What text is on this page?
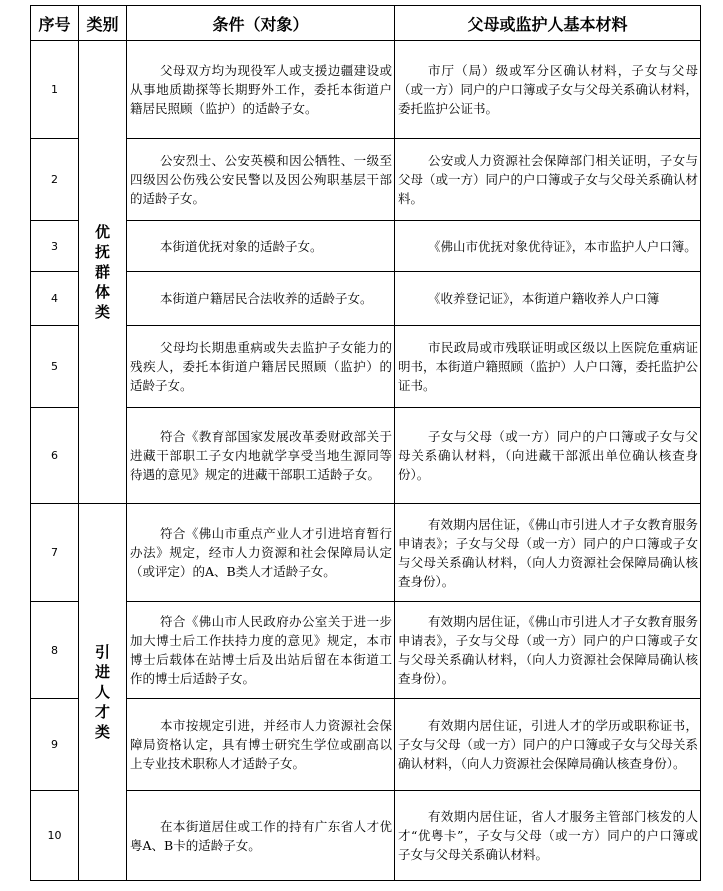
序号	类别	条件（对象）	父母或监护人基本材料
1	优抚群体类	父母双方均为现役军人或支援边疆建设或从事地质勘探等长期野外工作，委托本街道户籍居民照顾（监护）的适龄子女。	市厅（局）级或军分区确认材料，子女与父母（或一方）同户的户口簿或子女与父母关系确认材料，委托监护公证书。
2		公安烈士、公安英模和因公牺牲、一级至四级因公伤残公安民警以及因公殉职基层干部的适龄子女。	公安或人力资源社会保障部门相关证明，子女与父母（或一方）同户的户口簿或子女与父母关系确认材料。
3		本街道优抚对象的适龄子女。	《佛山市优抚对象优待证》，本市监护人户口簿。
4		本街道户籍居民合法收养的适龄子女。	《收养登记证》，本街道户籍收养人户口簿
5		父母均长期患重病或失去监护子女能力的残疾人，委托本街道户籍居民照顾（监护）的适龄子女。	市民政局或市残联证明或区级以上医院危重病证明书，本街道户籍照顾（监护）人户口簿，委托监护公证书。
6		符合《教育部国家发展改革委财政部关于进藏干部职工子女内地就学享受当地生源同等待遇的意见》规定的进藏干部职工适龄子女。	子女与父母（或一方）同户的户口簿或子女与父母关系确认材料，（向进藏干部派出单位确认核查身份）。
7	引进人才类	符合《佛山市重点产业人才引进培育暂行办法》规定，经市人力资源和社会保障局认定（或评定）的A、B类人才适龄子女。	有效期内居住证，《佛山市引进人才子女教育服务申请表》；子女与父母（或一方）同户的户口簿或子女与父母关系确认材料，（向人力资源社会保障局确认核查身份）。
8		符合《佛山市人民政府办公室关于进一步加大博士后工作扶持力度的意见》规定，本市博士后载体在站博士后及出站后留在本街道工作的博士后适龄子女。	有效期内居住证，《佛山市引进人才子女教育服务申请表》，子女与父母（或一方）同户的户口簿或子女与父母关系确认材料，（向人力资源社会保障局确认核查身份）。
9		本市按规定引进，并经市人力资源社会保障局资格认定，具有博士研究生学位或副高以上专业技术职称人才适龄子女。	有效期内居住证，引进人才的学历或职称证书，子女与父母（或一方）同户的户口簿或子女与父母关系确认材料，（向人力资源社会保障局确认核查身份）。
10		在本街道居住或工作的持有广东省人才优粤A、B卡的适龄子女。	有效期内居住证，省人才服务主管部门核发的人才“优粤卡”，子女与父母（或一方）同户的户口簿或子女与父母关系确认材料。
